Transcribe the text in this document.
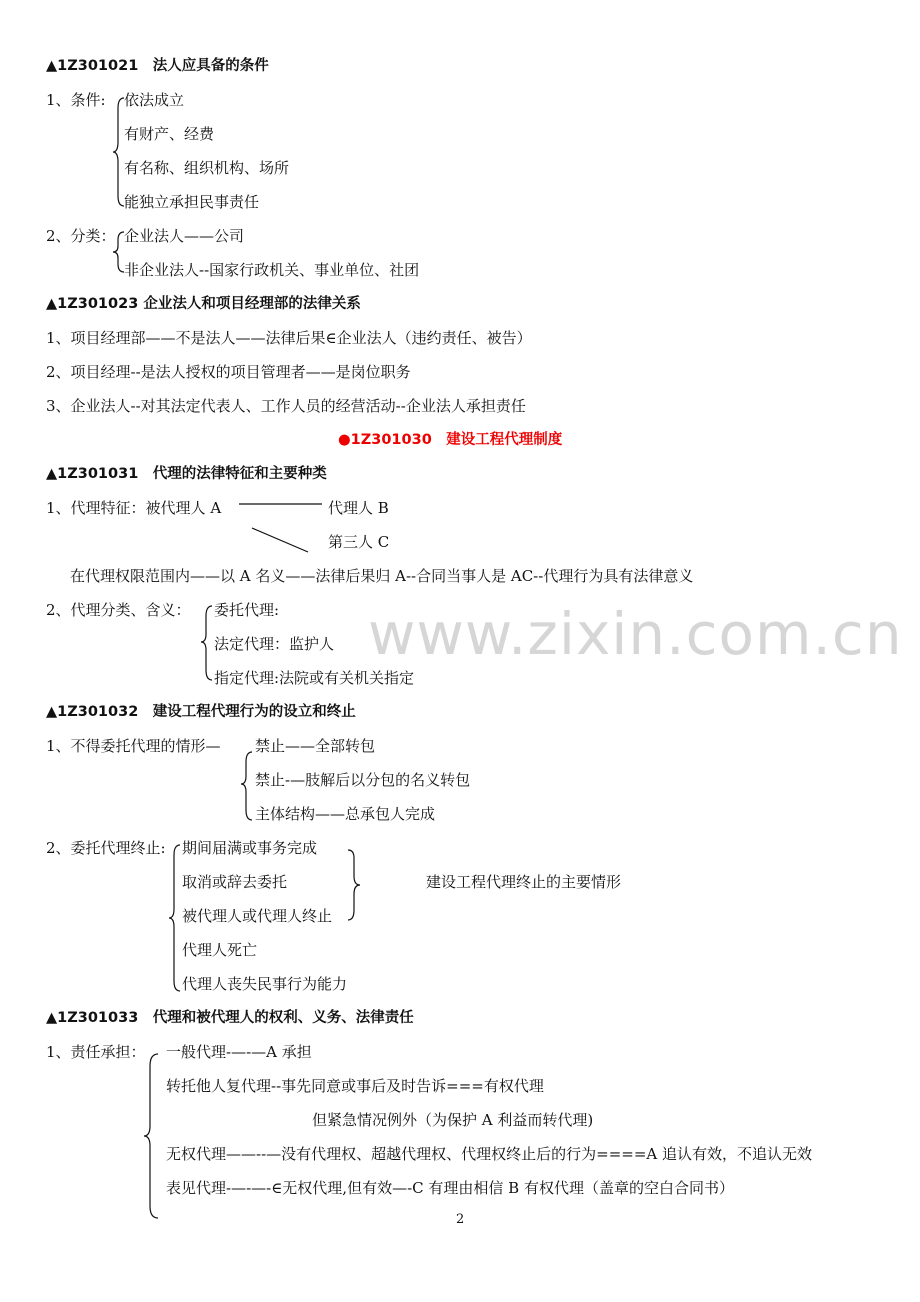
www.zixin.com.cn
▲1Z301021　法人应具备的条件
1、条件: 依法成立
有财产、经费
有名称、组织机构、场所
能独立承担民事责任
2、分类： 企业法人——公司
非企业法人--国家行政机关、事业单位、社团
▲1Z301023 企业法人和项目经理部的法律关系
1、项目经理部——不是法人——法律后果∈企业法人（违约责任、被告）
2、项目经理--是法人授权的项目管理者——是岗位职务
3、企业法人--对其法定代表人、工作人员的经营活动--企业法人承担责任
●1Z301030　建设工程代理制度
▲1Z301031　代理的法律特征和主要种类
1、代理特征：被代理人 A	代理人 B
第三人 C
在代理权限范围内——以 A 名义——法律后果归 A--合同当事人是 AC--代理行为具有法律意义
2、代理分类、含义： 委托代理:
法定代理：监护人
指定代理:法院或有关机关指定
▲1Z301032　建设工程代理行为的设立和终止
1、不得委托代理的情形— 禁止——全部转包
禁止-—肢解后以分包的名义转包
主体结构——总承包人完成
2、委托代理终止: 期间届满或事务完成
取消或辞去委托
被代理人或代理人终止
代理人死亡
代理人丧失民事行为能力
建设工程代理终止的主要情形
▲1Z301033　代理和被代理人的权利、义务、法律责任
1、责任承担： 一般代理-—-—A 承担
转托他人复代理--事先同意或事后及时告诉===有权代理
但紧急情况例外（为保护 A 利益而转代理)
无权代理——--—没有代理权、超越代理权、代理权终止后的行为====A 追认有效，不追认无效
表见代理-—-—-∈无权代理,但有效—-C 有理由相信 B 有权代理（盖章的空白合同书）
2
